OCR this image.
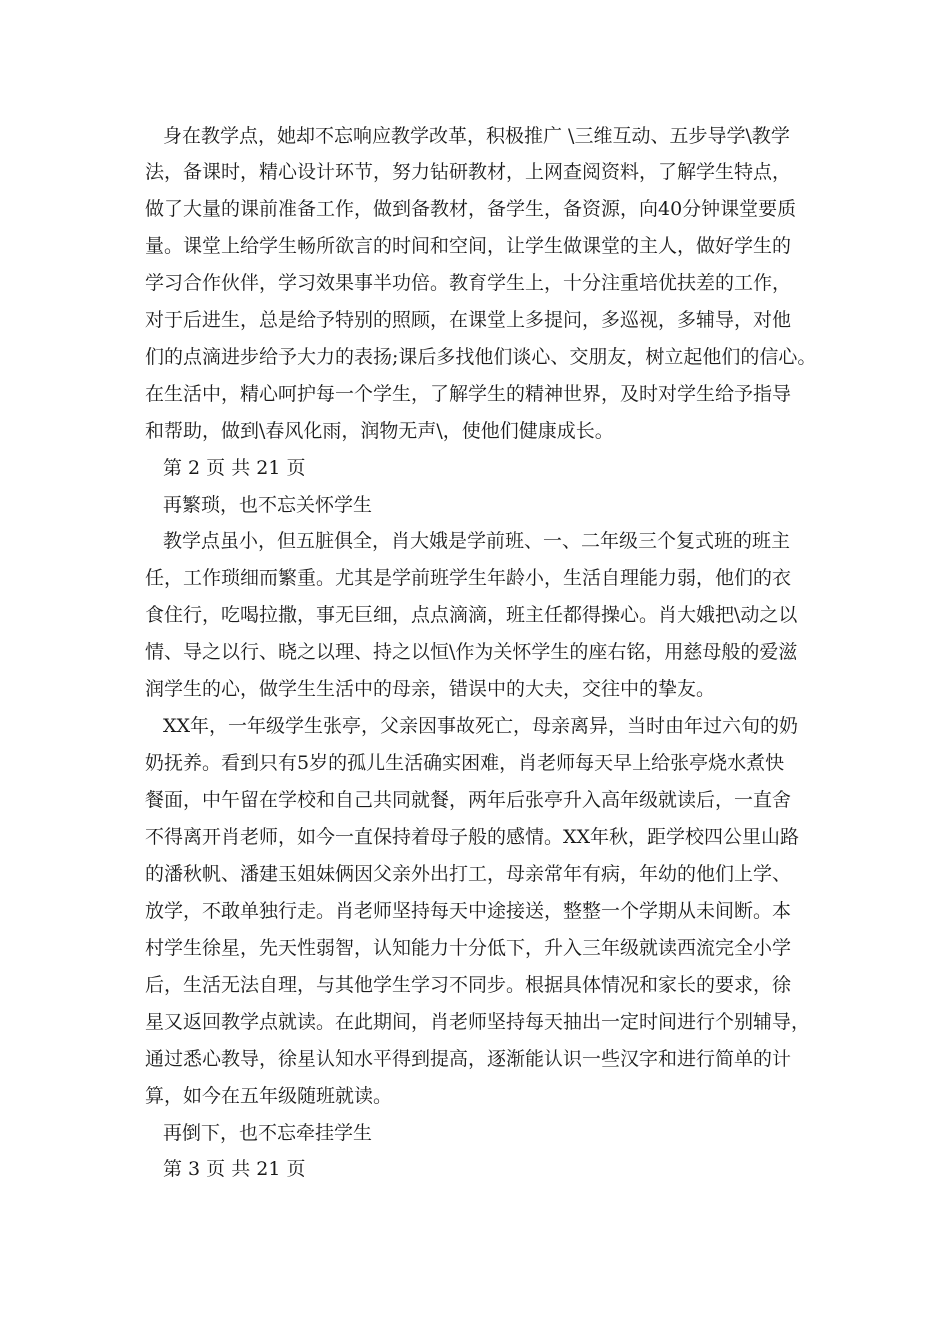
身在教学点，她却不忘响应教学改革，积极推广 \三维互动、五步导学\教学
法，备课时，精心设计环节，努力钻研教材，上网查阅资料，了解学生特点，
做了大量的课前准备工作，做到备教材，备学生，备资源，向40分钟课堂要质
量。课堂上给学生畅所欲言的时间和空间，让学生做课堂的主人，做好学生的
学习合作伙伴，学习效果事半功倍。教育学生上，十分注重培优扶差的工作，
对于后进生，总是给予特别的照顾，在课堂上多提问，多巡视，多辅导，对他
们的点滴进步给予大力的表扬;课后多找他们谈心、交朋友，树立起他们的信心。
在生活中，精心呵护每一个学生，了解学生的精神世界，及时对学生给予指导
和帮助，做到\春风化雨，润物无声\，使他们健康成长。
第 2 页 共 21 页
再繁琐，也不忘关怀学生
教学点虽小，但五脏俱全，肖大娥是学前班、一、二年级三个复式班的班主
任，工作琐细而繁重。尤其是学前班学生年龄小，生活自理能力弱，他们的衣
食住行，吃喝拉撒，事无巨细，点点滴滴，班主任都得操心。肖大娥把\动之以
情、导之以行、晓之以理、持之以恒\作为关怀学生的座右铭，用慈母般的爱滋
润学生的心，做学生生活中的母亲，错误中的大夫，交往中的挚友。
XX年，一年级学生张亭，父亲因事故死亡，母亲离异，当时由年过六旬的奶
奶抚养。看到只有5岁的孤儿生活确实困难，肖老师每天早上给张亭烧水煮快
餐面，中午留在学校和自己共同就餐，两年后张亭升入高年级就读后，一直舍
不得离开肖老师，如今一直保持着母子般的感情。XX年秋，距学校四公里山路
的潘秋帆、潘建玉姐妹俩因父亲外出打工，母亲常年有病，年幼的他们上学、
放学，不敢单独行走。肖老师坚持每天中途接送，整整一个学期从未间断。本
村学生徐星，先天性弱智，认知能力十分低下，升入三年级就读西流完全小学
后，生活无法自理，与其他学生学习不同步。根据具体情况和家长的要求，徐
星又返回教学点就读。在此期间，肖老师坚持每天抽出一定时间进行个别辅导，
通过悉心教导，徐星认知水平得到提高，逐渐能认识一些汉字和进行简单的计
算，如今在五年级随班就读。
再倒下，也不忘牵挂学生
第 3 页 共 21 页
